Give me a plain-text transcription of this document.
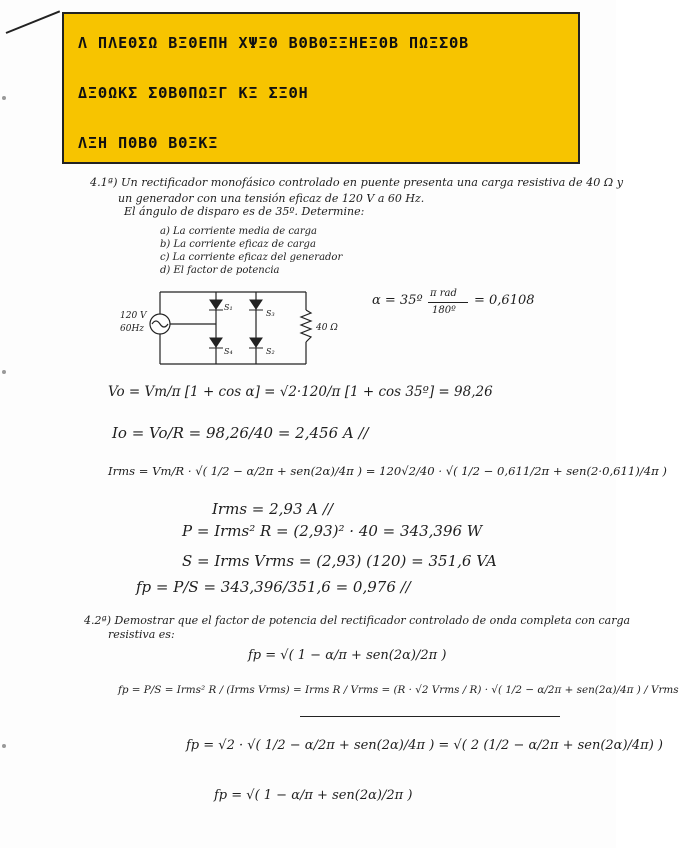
Λ ΠΛΕΘΣΩ ΒΞΘΕΠΗ ΧΨΞΘ ΒΘΒΘΞΞΗΕΞΘΒ ΠΩΞΣΘΒ
ΔΞΘΩΚΣ ΣΘΒΘΠΩΞΓ ΚΞ ΣΞΘΗ
ΛΞΗ ΠΘΒΘ ΒΘΞΚΞ
4.1ª) Un rectificador monofásico controlado en puente presenta una carga resistiva de 40 Ω y
un generador con una tensión eficaz de 120 V a 60 Hz.
El ángulo de disparo es de 35º. Determine:
a) La corriente media de carga
b) La corriente eficaz de carga
c) La corriente eficaz del generador
d) El factor de potencia
120 V
60Hz
S₁
S₃
S₄	S₂
40 Ω
α = 35º π rad
180º
= 0,6108
Vo = Vm/π [1 + cos α] = √2·120/π [1 + cos 35º] = 98,26
Io = Vo/R = 98,26/40 = 2,456 A //
Irms = Vm/R · √( 1/2 − α/2π + sen(2α)/4π ) = 120√2/40 · √( 1/2 − 0,611/2π + sen(2·0,611)/4π )
Irms = 2,93 A //
P = Irms² R = (2,93)² · 40 = 343,396 W
S = Irms Vrms = (2,93) (120) = 351,6 VA
fp = P/S = 343,396/351,6 = 0,976 //
4.2ª) Demostrar que el factor de potencia del rectificador controlado de onda completa con carga
resistiva es:
fp = √( 1 − α/π + sen(2α)/2π )
fp = P/S = Irms² R / (Irms Vrms) = Irms R / Vrms = (R · √2 Vrms / R) · √( 1/2 − α/2π + sen(2α)/4π ) / Vrms
fp = √2 · √( 1/2 − α/2π + sen(2α)/4π ) = √( 2 (1/2 − α/2π + sen(2α)/4π) )
fp = √( 1 − α/π + sen(2α)/2π )
